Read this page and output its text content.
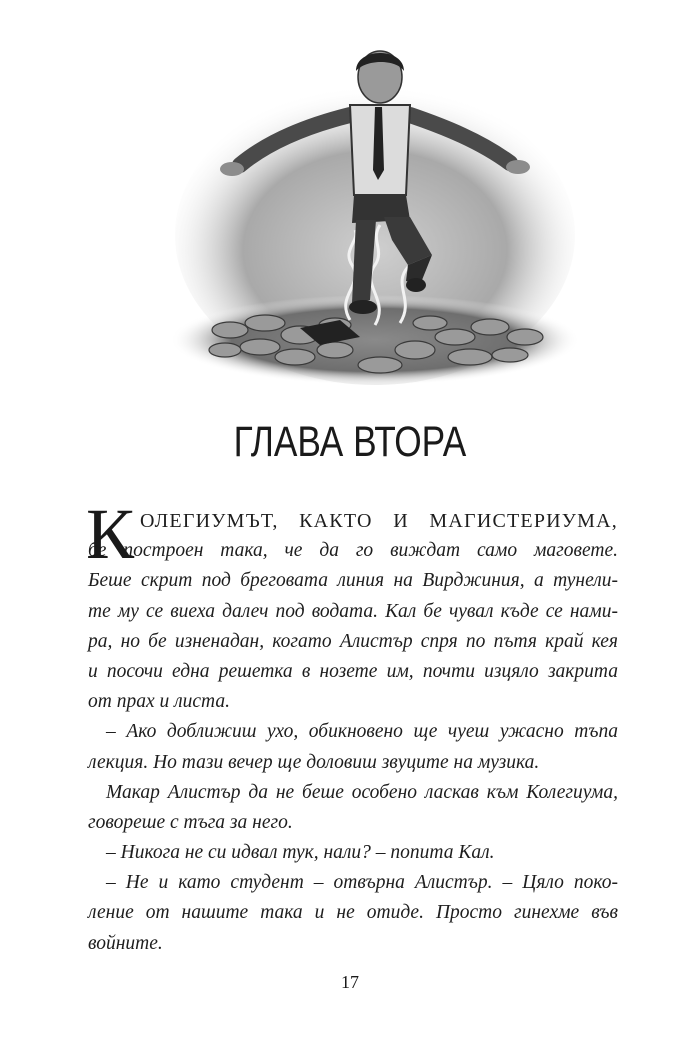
ГЛАВА ВТОРА
К ОЛЕГИУМЪТ, КАКТО И МАГИСТЕРИУМА,
бе построен така, че да го виждат само маговете.
Беше скрит под бреговата линия на Вирджиния, а тунели-
те му се виеха далеч под водата. Кал бе чувал къде се нами-
ра, но бе изненадан, когато Алистър спря по пътя край кея
и посочи една решетка в нозете им, почти изцяло закрита
от прах и листа.
– Ако доближиш ухо, обикновено ще чуеш ужасно тъпа
лекция. Но тази вечер ще доловиш звуците на музика.
Макар Алистър да не беше особено ласкав към Колегиума,
говореше с тъга за него.
– Никога не си идвал тук, нали? – попита Кал.
– Не и като студент – отвърна Алистър. – Цяло поко-
ление от нашите така и не отиде. Просто гинехме във
войните.
17
